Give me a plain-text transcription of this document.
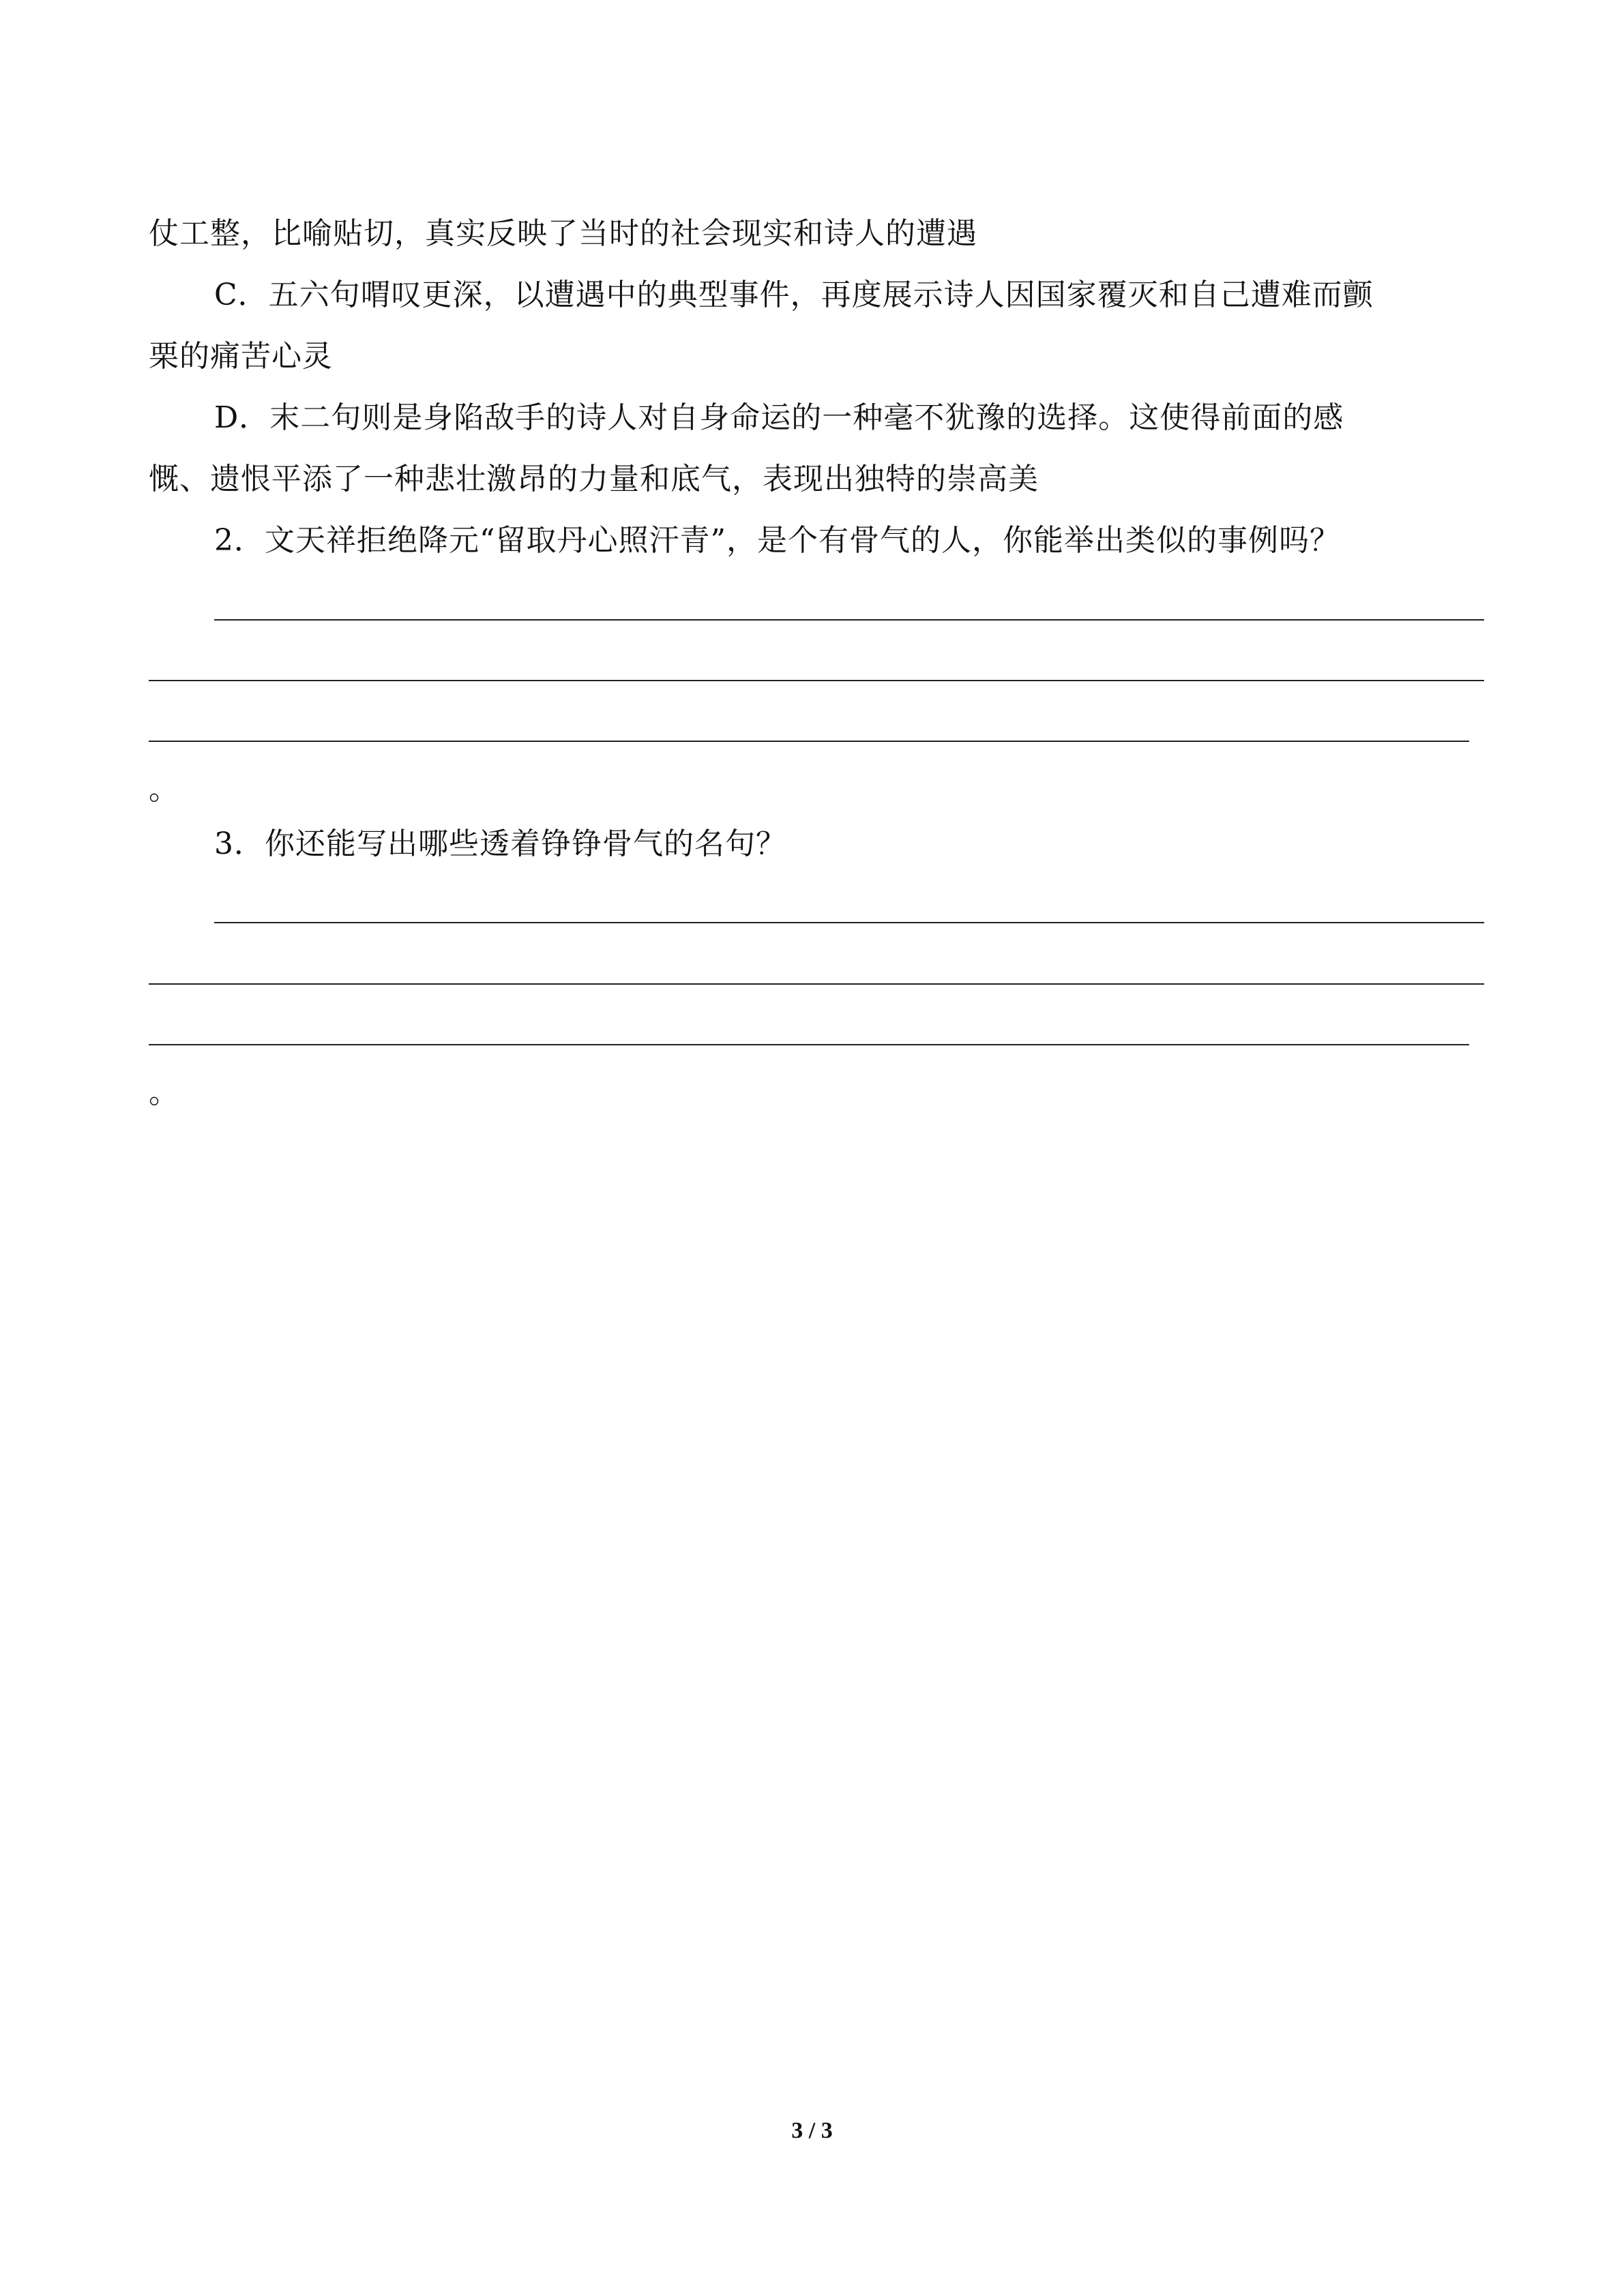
仗工整，比喻贴切，真实反映了当时的社会现实和诗人的遭遇
C．五六句喟叹更深，以遭遇中的典型事件，再度展示诗人因国家覆灭和自己遭难而颤
栗的痛苦心灵
D．末二句则是身陷敌手的诗人对自身命运的一种毫不犹豫的选择。这使得前面的感
慨、遗恨平添了一种悲壮激昂的力量和底气，表现出独特的崇高美
2．文天祥拒绝降元“留取丹心照汗青”，是个有骨气的人，你能举出类似的事例吗？
。
3．你还能写出哪些透着铮铮骨气的名句？
。
3 / 3
